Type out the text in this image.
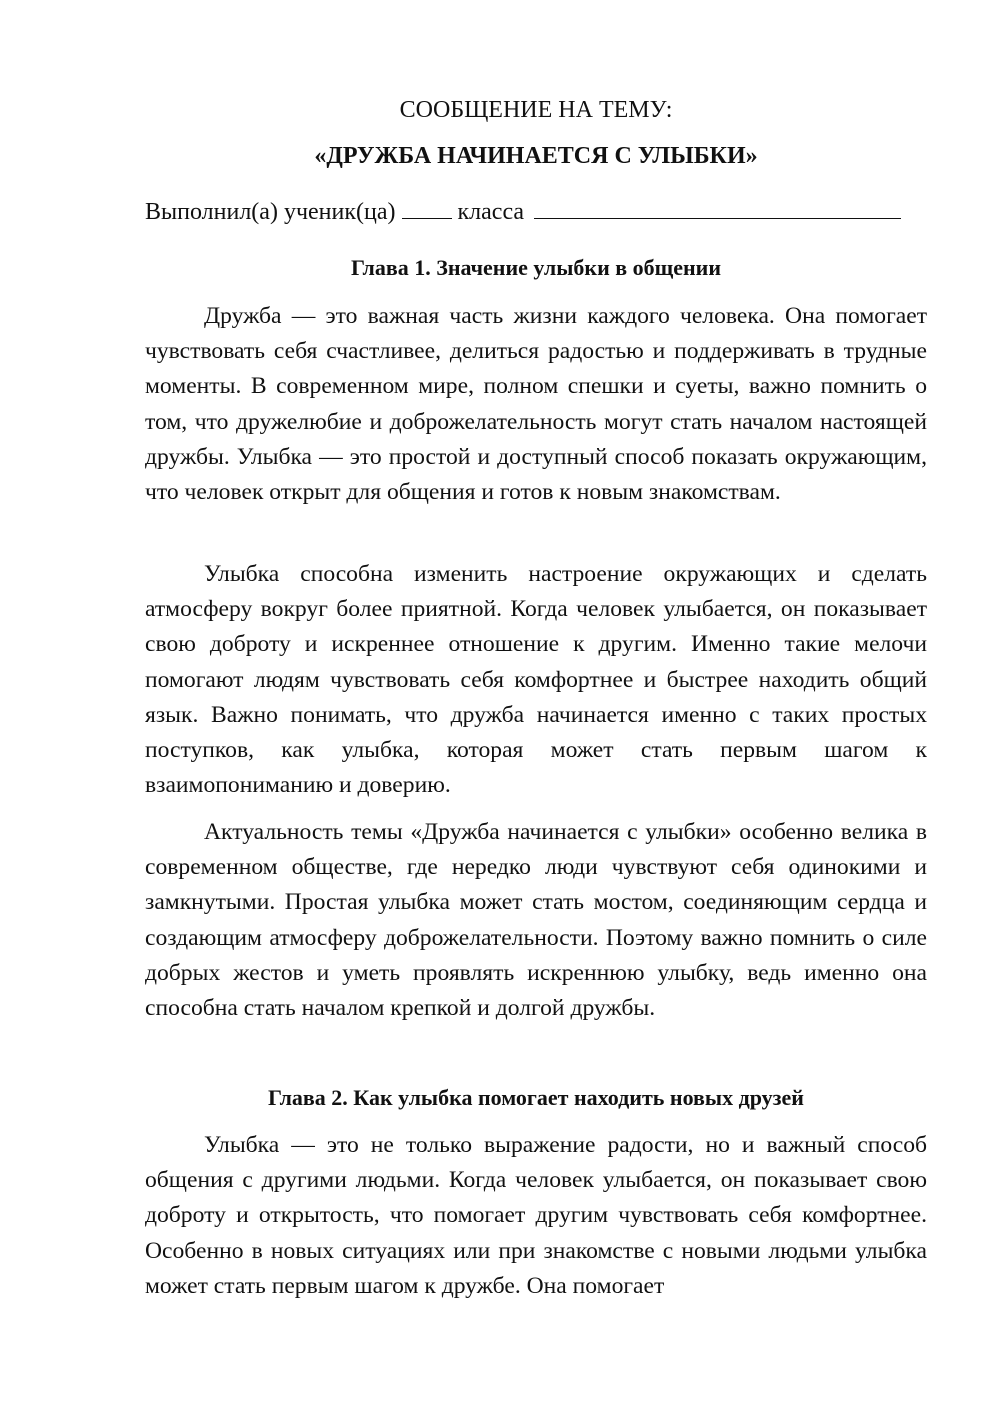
СООБЩЕНИЕ НА ТЕМУ:
«ДРУЖБА НАЧИНАЕТСЯ С УЛЫБКИ»
Выполнил(а) ученик(ца)	класса
Глава 1. Значение улыбки в общении

Дружба — это важная часть жизни каждого человека. Она помогает чувствовать себя счастливее, делиться радостью и поддерживать в трудные моменты. В современном мире, полном спешки и суеты, важно помнить о том, что дружелюбие и доброжелательность могут стать началом настоящей дружбы. Улыбка — это простой и доступный способ показать окружающим, что человек открыт для общения и готов к новым знакомствам.

Улыбка способна изменить настроение окружающих и сделать атмосферу вокруг более приятной. Когда человек улыбается, он показывает свою доброту и искреннее отношение к другим. Именно такие мелочи помогают людям чувствовать себя комфортнее и быстрее находить общий язык. Важно понимать, что дружба начинается именно с таких простых поступков, как улыбка, которая может стать первым шагом к взаимопониманию и доверию.

Актуальность темы «Дружба начинается с улыбки» особенно велика в современном обществе, где нередко люди чувствуют себя одинокими и замкнутыми. Простая улыбка может стать мостом, соединяющим сердца и создающим атмосферу доброжелательности. Поэтому важно помнить о силе добрых жестов и уметь проявлять искреннюю улыбку, ведь именно она способна стать началом крепкой и долгой дружбы.

Глава 2. Как улыбка помогает находить новых друзей

Улыбка — это не только выражение радости, но и важный способ общения с другими людьми. Когда человек улыбается, он показывает свою доброту и открытость, что помогает другим чувствовать себя комфортнее. Особенно в новых ситуациях или при знакомстве с новыми людьми улыбка может стать первым шагом к дружбе. Она помогает
